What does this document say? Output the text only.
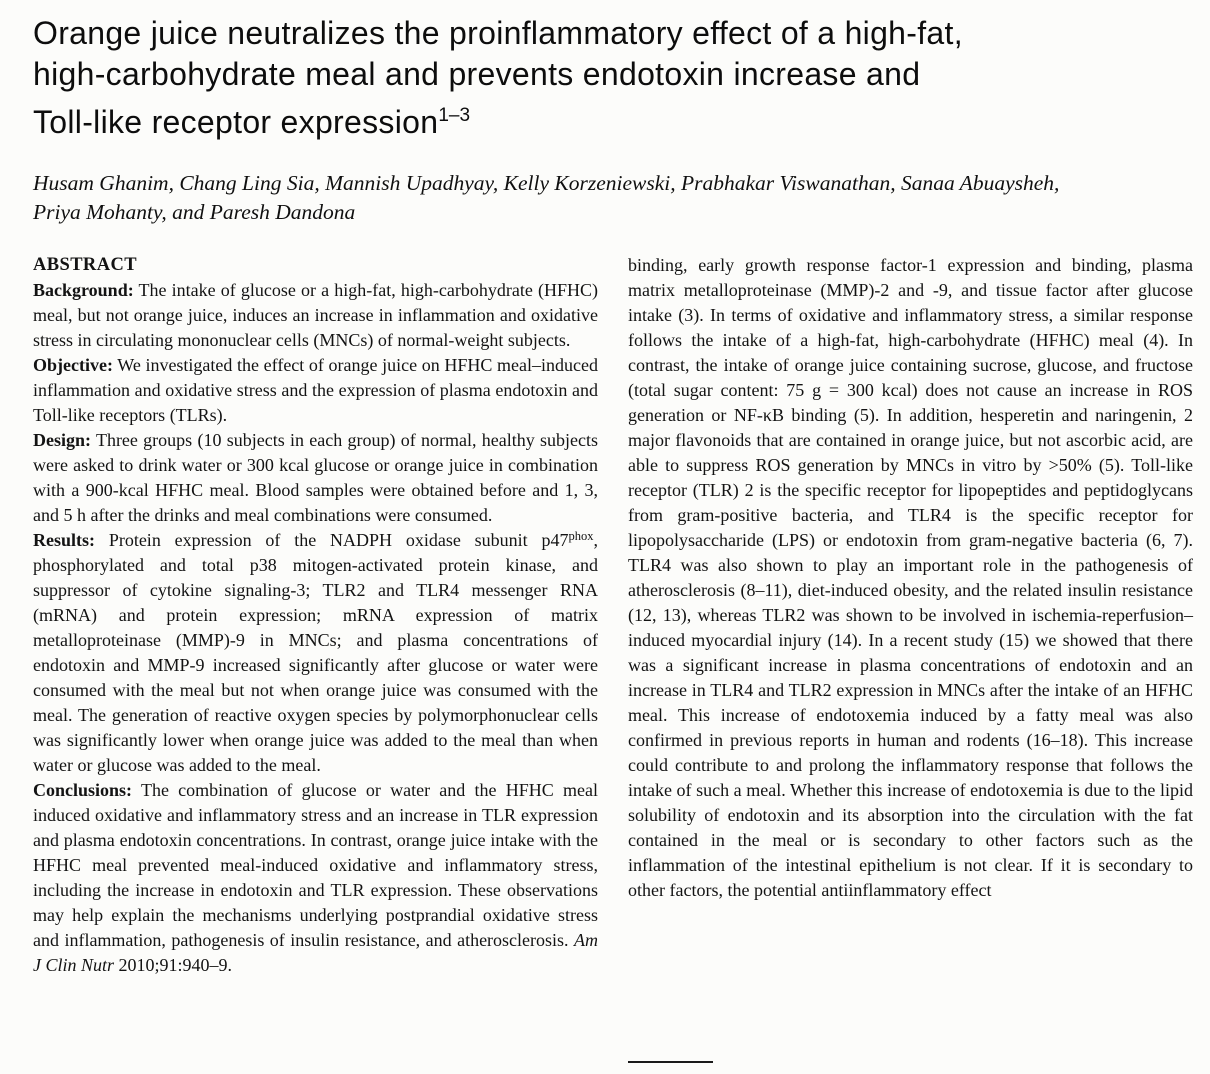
Orange juice neutralizes the proinflammatory effect of a high-fat,
high-carbohydrate meal and prevents endotoxin increase and
Toll-like receptor expression$^{1-3}$
Husam Ghanim, Chang Ling Sia, Mannish Upadhyay, Kelly Korzeniewski, Prabhakar Viswanathan, Sanaa Abuaysheh,
Priya Mohanty, and Paresh Dandona
ABSTRACT

Background: The intake of glucose or a high-fat, high-carbohydrate (HFHC) meal, but not orange juice, induces an increase in inflammation and oxidative stress in circulating mononuclear cells (MNCs) of normal-weight subjects.

Objective: We investigated the effect of orange juice on HFHC meal–induced inflammation and oxidative stress and the expression of plasma endotoxin and Toll-like receptors (TLRs).

Design: Three groups (10 subjects in each group) of normal, healthy subjects were asked to drink water or 300 kcal glucose or orange juice in combination with a 900-kcal HFHC meal. Blood samples were obtained before and 1, 3, and 5 h after the drinks and meal combinations were consumed.

Results: Protein expression of the NADPH oxidase subunit $p47^{phox}$, phosphorylated and total p38 mitogen-activated protein kinase, and suppressor of cytokine signaling-3; TLR2 and TLR4 messenger RNA (mRNA) and protein expression; mRNA expression of matrix metalloproteinase (MMP)-9 in MNCs; and plasma concentrations of endotoxin and MMP-9 increased significantly after glucose or water were consumed with the meal but not when orange juice was consumed with the meal. The generation of reactive oxygen species by polymorphonuclear cells was significantly lower when orange juice was added to the meal than when water or glucose was added to the meal.

Conclusions: The combination of glucose or water and the HFHC meal induced oxidative and inflammatory stress and an increase in TLR expression and plasma endotoxin concentrations. In contrast, orange juice intake with the HFHC meal prevented meal-induced oxidative and inflammatory stress, including the increase in endotoxin and TLR expression. These observations may help explain the mechanisms underlying postprandial oxidative stress and inflammation, pathogenesis of insulin resistance, and atherosclerosis. Am J Clin Nutr 2010;91:940–9.

binding, early growth response factor-1 expression and binding, plasma matrix metalloproteinase (MMP)-2 and -9, and tissue factor after glucose intake (3). In terms of oxidative and inflammatory stress, a similar response follows the intake of a high-fat, high-carbohydrate (HFHC) meal (4). In contrast, the intake of orange juice containing sucrose, glucose, and fructose (total sugar content: 75 g = 300 kcal) does not cause an increase in ROS generation or NF-κB binding (5). In addition, hesperetin and naringenin, 2 major flavonoids that are contained in orange juice, but not ascorbic acid, are able to suppress ROS generation by MNCs in vitro by >50% (5). Toll-like receptor (TLR) 2 is the specific receptor for lipopeptides and peptidoglycans from gram-positive bacteria, and TLR4 is the specific receptor for lipopolysaccharide (LPS) or endotoxin from gram-negative bacteria (6, 7). TLR4 was also shown to play an important role in the pathogenesis of atherosclerosis (8–11), diet-induced obesity, and the related insulin resistance (12, 13), whereas TLR2 was shown to be involved in ischemia-reperfusion–induced myocardial injury (14). In a recent study (15) we showed that there was a significant increase in plasma concentrations of endotoxin and an increase in TLR4 and TLR2 expression in MNCs after the intake of an HFHC meal. This increase of endotoxemia induced by a fatty meal was also confirmed in previous reports in human and rodents (16–18). This increase could contribute to and prolong the inflammatory response that follows the intake of such a meal. Whether this increase of endotoxemia is due to the lipid solubility of endotoxin and its absorption into the circulation with the fat contained in the meal or is secondary to other factors such as the inflammation of the intestinal epithelium is not clear. If it is secondary to other factors, the potential antiinflammatory effect
